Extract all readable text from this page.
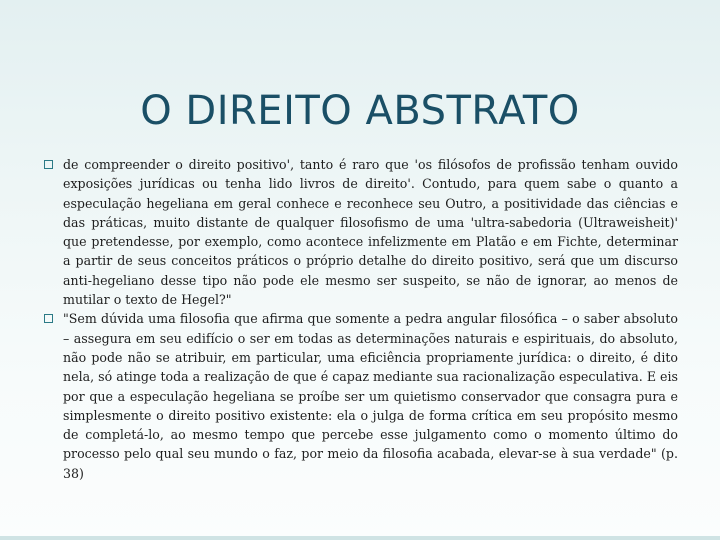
O DIREITO ABSTRATO
de compreender o direito positivo', tanto é raro que 'os filósofos de profissão tenham ouvido exposições jurídicas ou tenha lido livros de direito'. Contudo, para quem sabe o quanto a especulação hegeliana em geral conhece e reconhece seu Outro, a positividade das ciências e das práticas, muito distante de qualquer filosofismo de uma 'ultra-sabedoria (Ultraweisheit)' que pretendesse, por exemplo, como acontece infelizmente em Platão e em Fichte, determinar a partir de seus conceitos práticos o próprio detalhe do direito positivo, será que um discurso anti-hegeliano desse tipo não pode ele mesmo ser suspeito, se não de ignorar, ao menos de mutilar o texto de Hegel?"
"Sem dúvida uma filosofia que afirma que somente a pedra angular filosófica – o saber absoluto – assegura em seu edifício o ser em todas as determinações naturais e espirituais, do absoluto, não pode não se atribuir, em particular, uma eficiência propriamente jurídica: o direito, é dito nela, só atinge toda a realização de que é capaz mediante sua racionalização especulativa. E eis por que a especulação hegeliana se proíbe ser um quietismo conservador que consagra pura e simplesmente o direito positivo existente: ela o julga de forma crítica em seu propósito mesmo de completá-lo, ao mesmo tempo que percebe esse julgamento como o momento último do processo pelo qual seu mundo o faz, por meio da filosofia acabada, elevar-se à sua verdade" (p. 38)
